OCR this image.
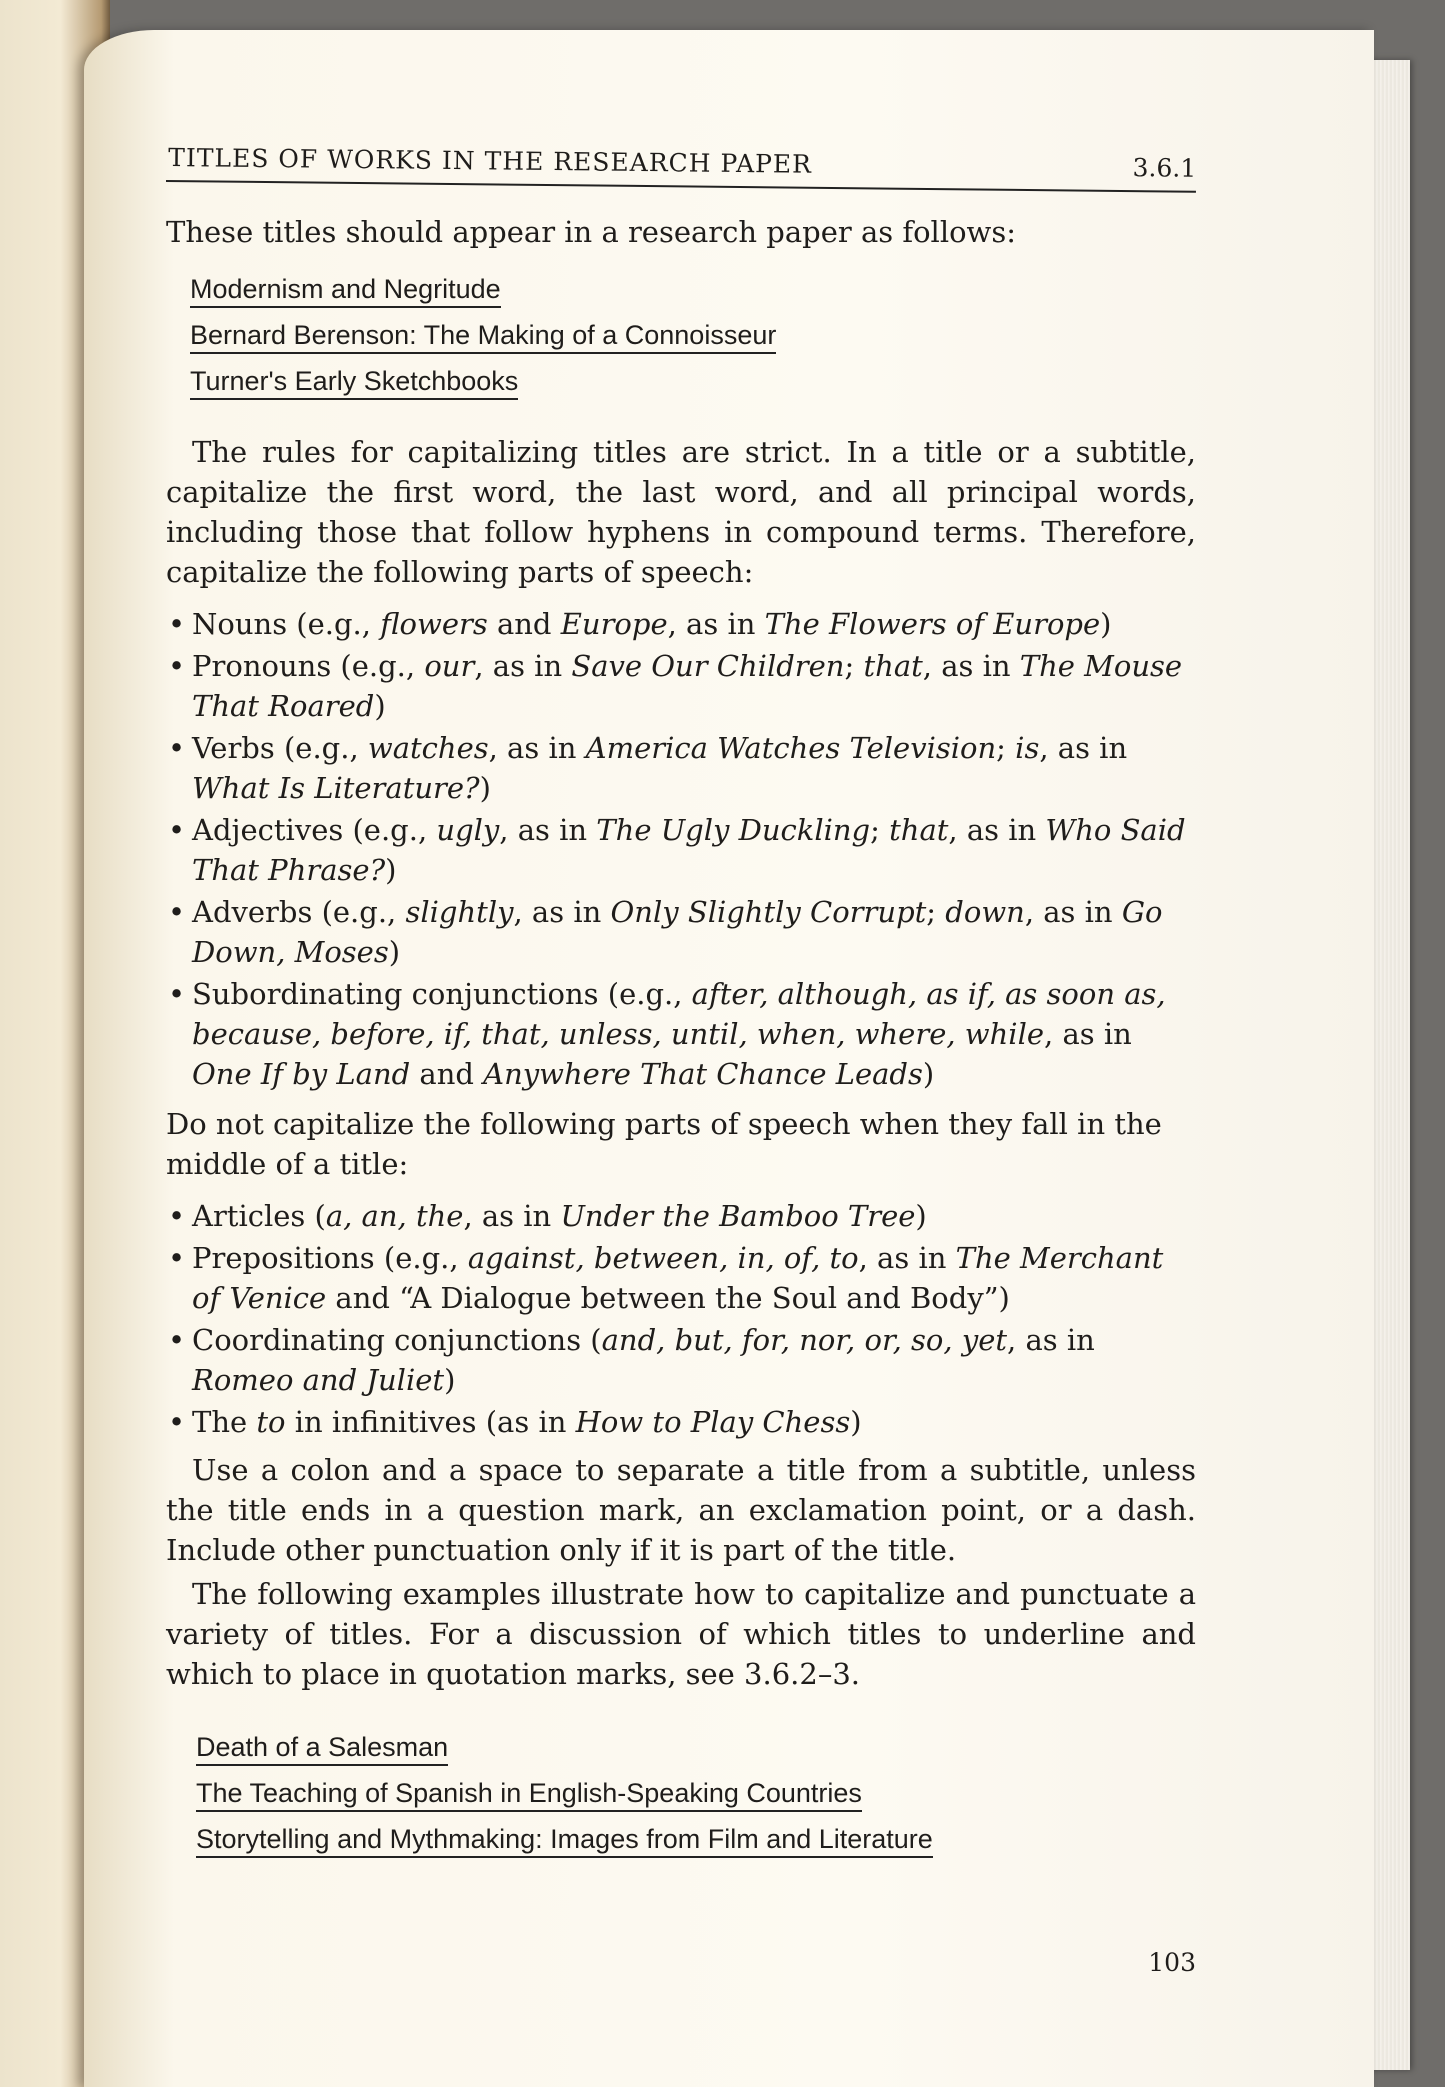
TITLES OF WORKS IN THE RESEARCH PAPER	3.6.1

These titles should appear in a research paper as follows:

Modernism and Negritude
Bernard Berenson: The Making of a Connoisseur
Turner's Early Sketchbooks

The rules for capitalizing titles are strict. In a title or a subtitle, capitalize the first word, the last word, and all principal words, including those that follow hyphens in compound terms. Therefore, capitalize the following parts of speech:

• Nouns (e.g., flowers and Europe, as in The Flowers of Europe)
• Pronouns (e.g., our, as in Save Our Children; that, as in The Mouse That Roared)
• Verbs (e.g., watches, as in America Watches Television; is, as in What Is Literature?)
• Adjectives (e.g., ugly, as in The Ugly Duckling; that, as in Who Said That Phrase?)
• Adverbs (e.g., slightly, as in Only Slightly Corrupt; down, as in Go Down, Moses)
• Subordinating conjunctions (e.g., after, although, as if, as soon as, because, before, if, that, unless, until, when, where, while, as in One If by Land and Anywhere That Chance Leads)

Do not capitalize the following parts of speech when they fall in the middle of a title:

• Articles (a, an, the, as in Under the Bamboo Tree)
• Prepositions (e.g., against, between, in, of, to, as in The Merchant of Venice and “A Dialogue between the Soul and Body”)
• Coordinating conjunctions (and, but, for, nor, or, so, yet, as in Romeo and Juliet)
• The to in infinitives (as in How to Play Chess)

Use a colon and a space to separate a title from a subtitle, unless the title ends in a question mark, an exclamation point, or a dash. Include other punctuation only if it is part of the title.

The following examples illustrate how to capitalize and punctuate a variety of titles. For a discussion of which titles to underline and which to place in quotation marks, see 3.6.2–3.

Death of a Salesman
The Teaching of Spanish in English-Speaking Countries
Storytelling and Mythmaking: Images from Film and Literature
103
